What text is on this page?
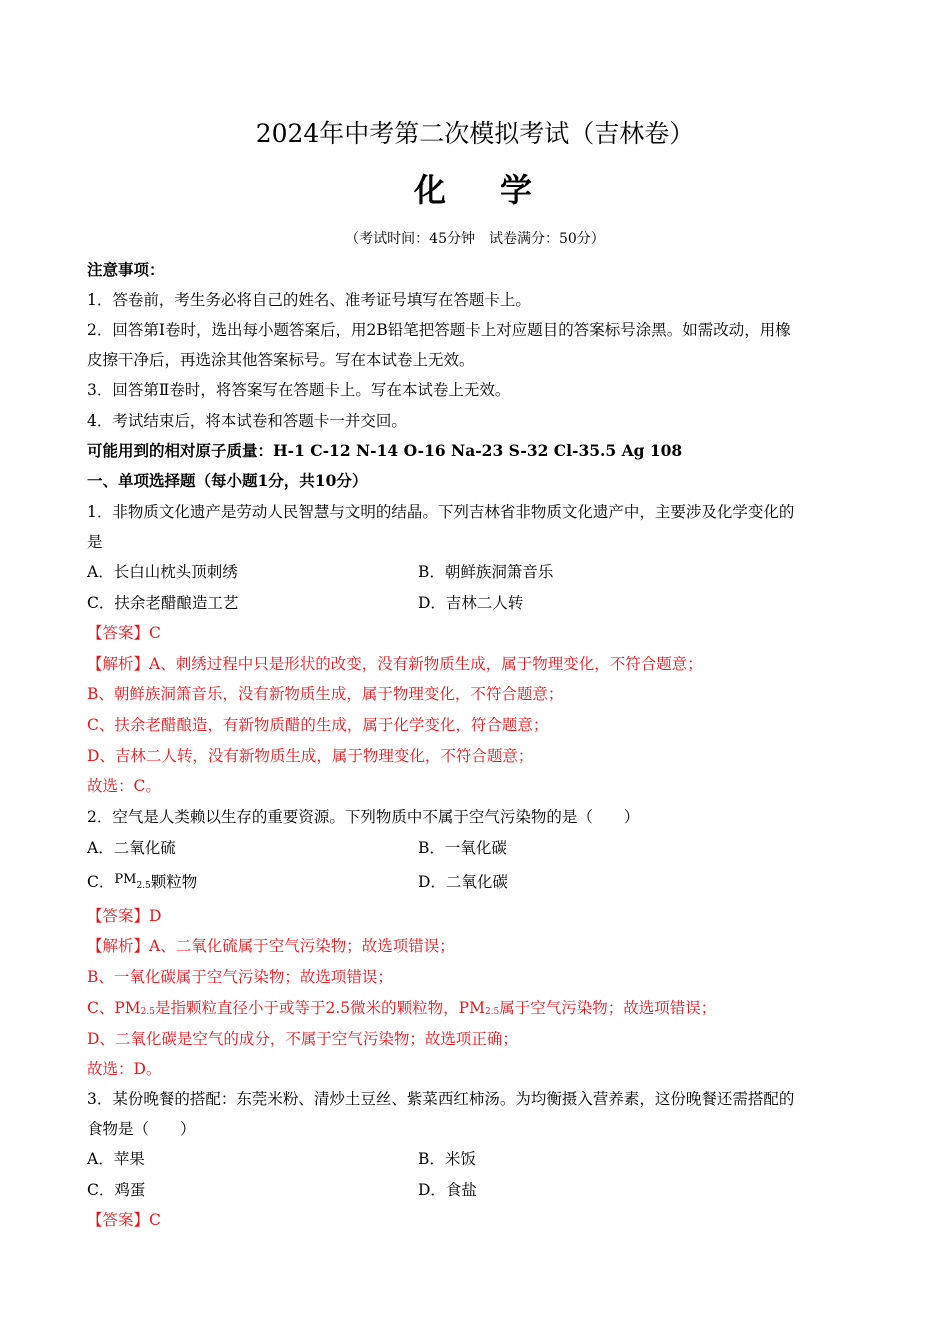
2024年中考第二次模拟考试（吉林卷）
化 学
（考试时间：45分钟　试卷满分：50分）
注意事项：
1．答卷前，考生务必将自己的姓名、准考证号填写在答题卡上。
2．回答第Ⅰ卷时，选出每小题答案后，用2B铅笔把答题卡上对应题目的答案标号涂黑。如需改动，用橡
皮擦干净后，再选涂其他答案标号。写在本试卷上无效。
3．回答第Ⅱ卷时，将答案写在答题卡上。写在本试卷上无效。
4．考试结束后，将本试卷和答题卡一并交回。
可能用到的相对原子质量：H-1 C-12 N-14 O-16 Na-23 S-32 Cl-35.5 Ag 108
一、单项选择题（每小题1分，共10分）
1．非物质文化遗产是劳动人民智慧与文明的结晶。下列吉林省非物质文化遗产中，主要涉及化学变化的
是
A．长白山枕头顶刺绣	B．朝鲜族洞箫音乐
C．扶余老醋酿造工艺	D．吉林二人转
【答案】C
【解析】A、刺绣过程中只是形状的改变，没有新物质生成，属于物理变化，不符合题意；
B、朝鲜族洞箫音乐，没有新物质生成，属于物理变化，不符合题意；
C、扶余老醋酿造，有新物质醋的生成，属于化学变化，符合题意；
D、吉林二人转，没有新物质生成，属于物理变化，不符合题意；
故选：C。
2．空气是人类赖以生存的重要资源。下列物质中不属于空气污染物的是（　　）
A．二氧化硫	B．一氧化碳
C．$^{PM}$2.5颗粒物	D．二氧化碳
【答案】D
【解析】A、二氧化硫属于空气污染物；故选项错误；
B、一氧化碳属于空气污染物；故选项错误；
C、PM2.5是指颗粒直径小于或等于2.5微米的颗粒物，PM2.5属于空气污染物；故选项错误；
D、二氧化碳是空气的成分，不属于空气污染物；故选项正确；
故选：D。
3．某份晚餐的搭配：东莞米粉、清炒土豆丝、紫菜西红柿汤。为均衡摄入营养素，这份晚餐还需搭配的
食物是（　　）
A．苹果	B．米饭
C．鸡蛋	D．食盐
【答案】C
